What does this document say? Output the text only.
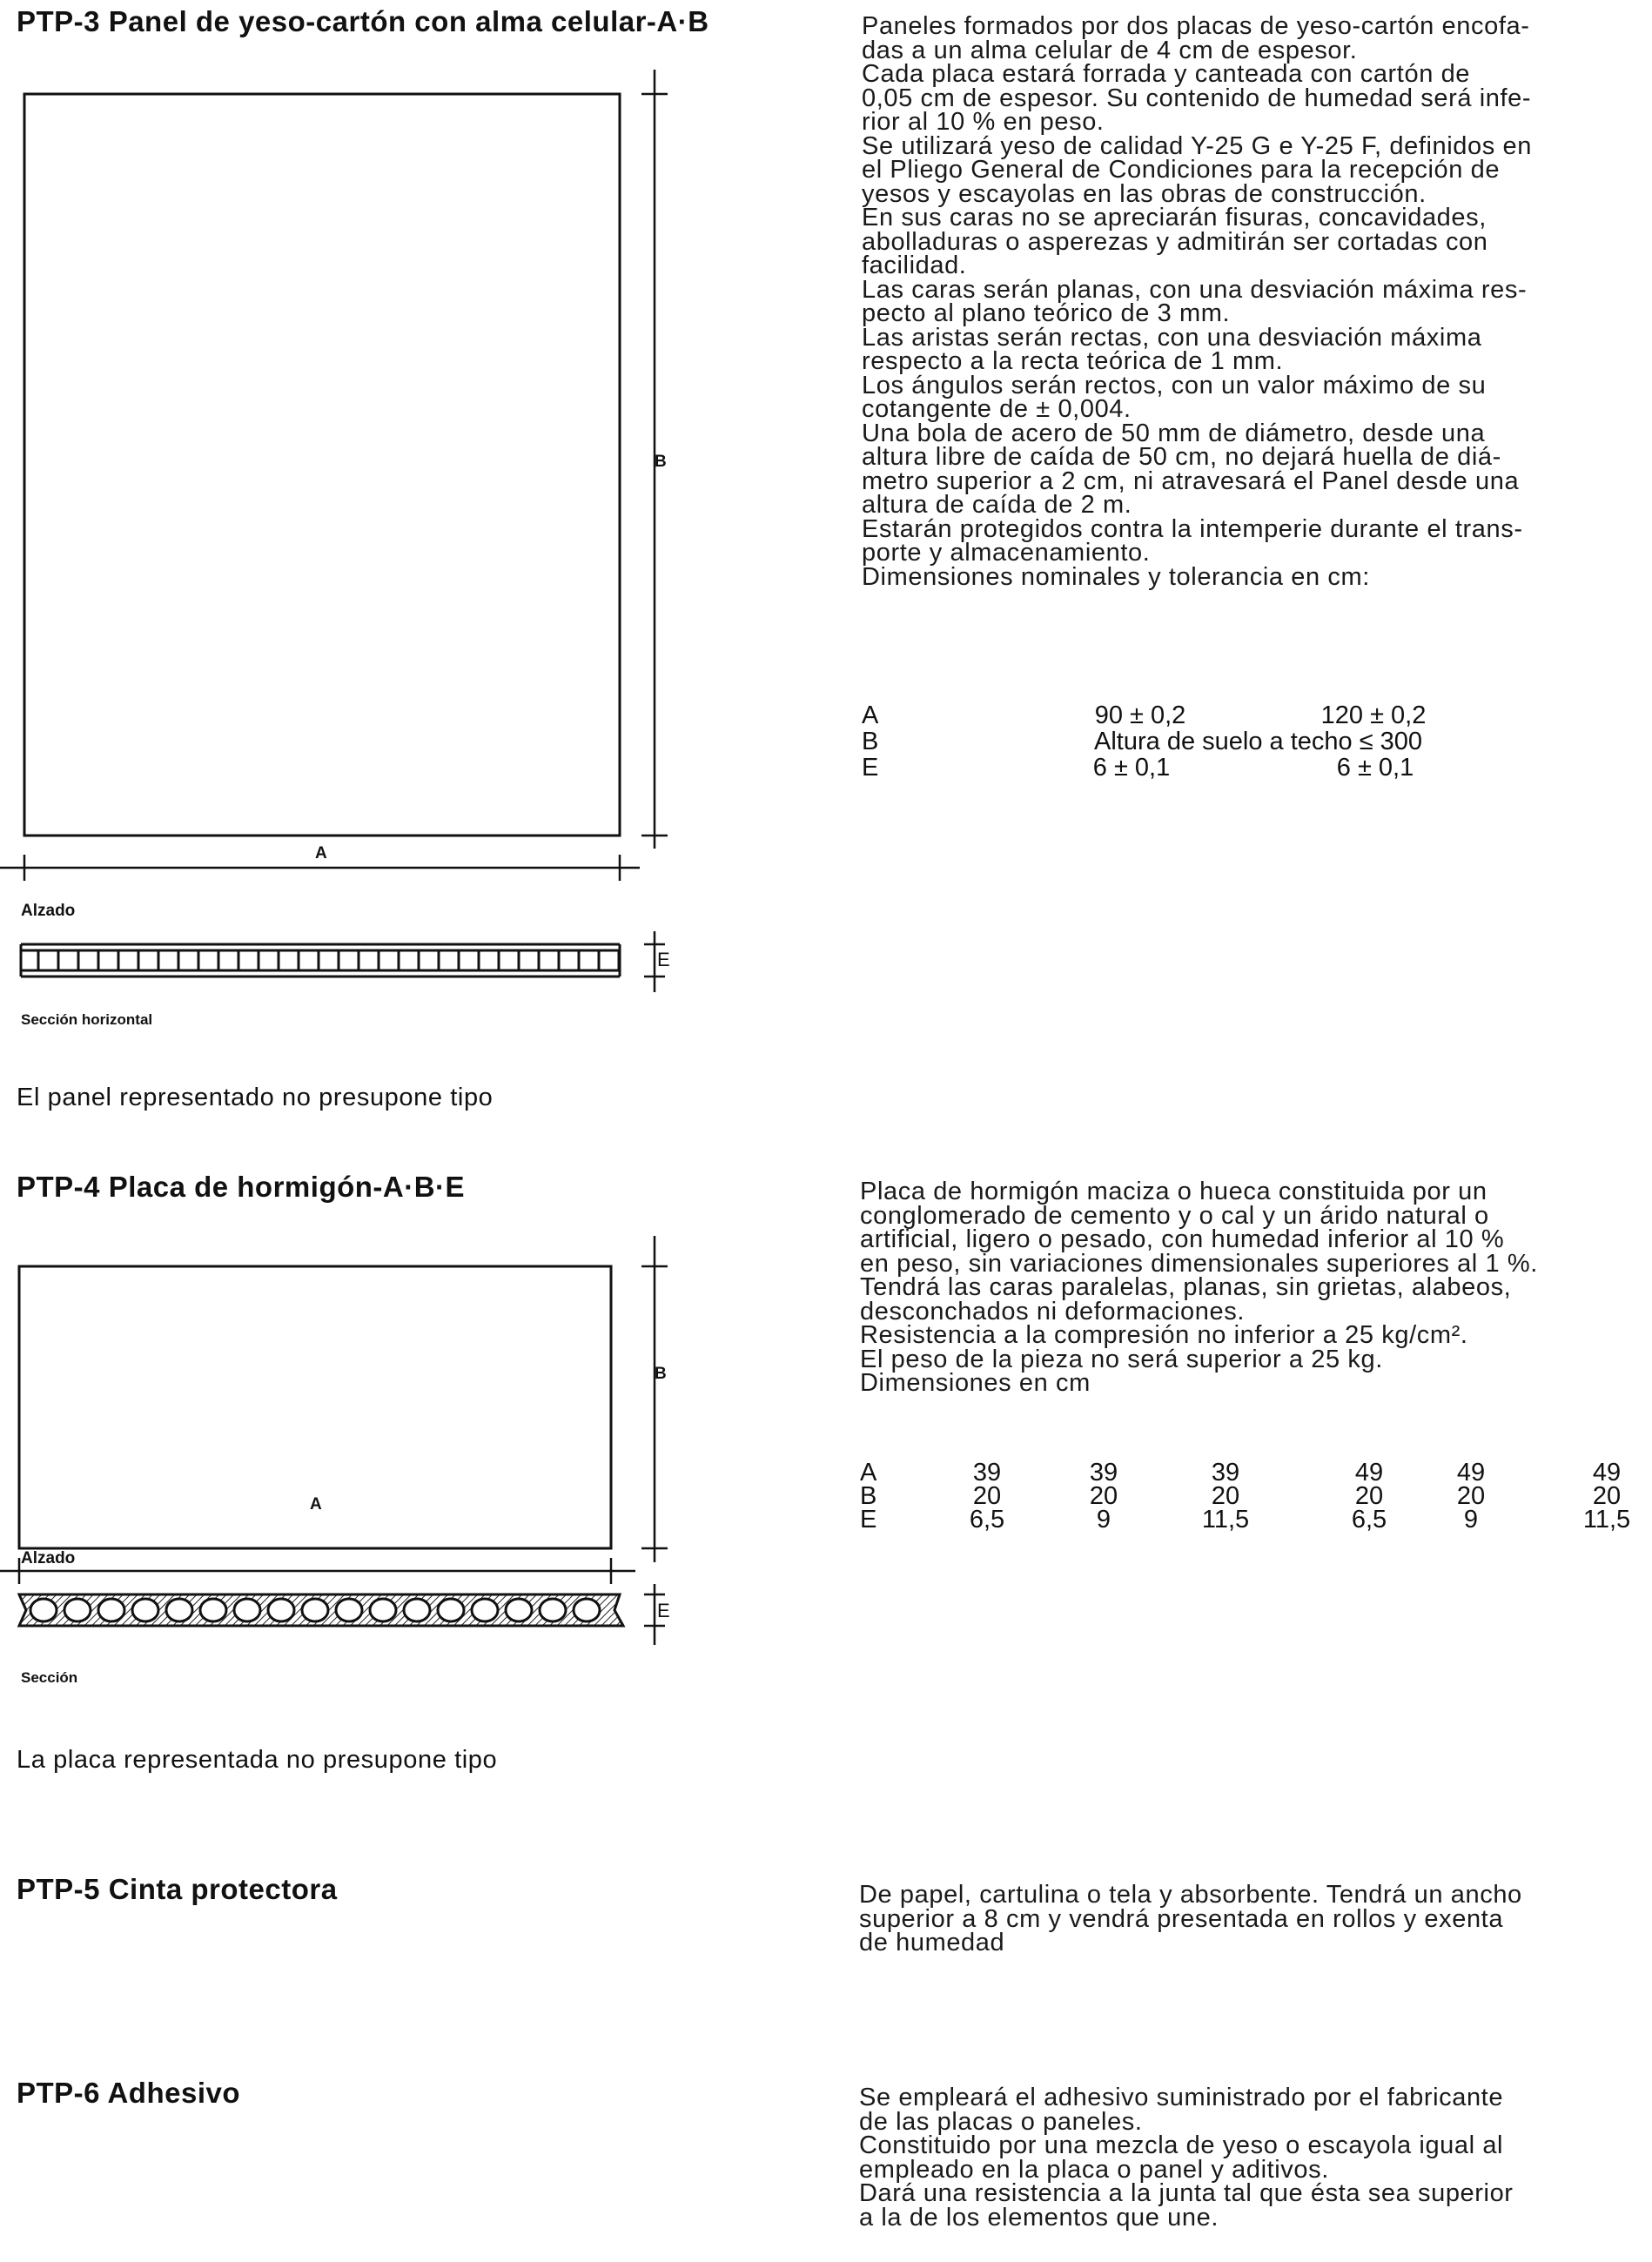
PTP-3 Panel de yeso-cartón con alma celular-A·B
B
A
Alzado
E
Sección horizontal
El panel representado no presupone tipo
Paneles formados por dos placas de yeso-cartón encofa-
das a un alma celular de 4 cm de espesor.
Cada placa estará forrada y canteada con cartón de
0,05 cm de espesor. Su contenido de humedad será infe-
rior al 10 % en peso.
Se utilizará yeso de calidad Y-25 G e Y-25 F, definidos en
el Pliego General de Condiciones para la recepción de
yesos y escayolas en las obras de construcción.
En sus caras no se apreciarán fisuras, concavidades,
abolladuras o asperezas y admitirán ser cortadas con
facilidad.
Las caras serán planas, con una desviación máxima res-
pecto al plano teórico de 3 mm.
Las aristas serán rectas, con una desviación máxima
respecto a la recta teórica de 1 mm.
Los ángulos serán rectos, con un valor máximo de su
cotangente de ± 0,004.
Una bola de acero de 50 mm de diámetro, desde una
altura libre de caída de 50 cm, no dejará huella de diá-
metro superior a 2 cm, ni atravesará el Panel desde una
altura de caída de 2 m.
Estarán protegidos contra la intemperie durante el trans-
porte y almacenamiento.
Dimensiones nominales y tolerancia en cm:
A	90 ± 0,2	120 ± 0,2
B	Altura de suelo a techo ≤ 300
E	6 ± 0,1	6 ± 0,1
PTP-4 Placa de hormigón-A·B·E
B
A
Alzado
E
Sección
La placa representada no presupone tipo
Placa de hormigón maciza o hueca constituida por un
conglomerado de cemento y o cal y un árido natural o
artificial, ligero o pesado, con humedad inferior al 10 %
en peso, sin variaciones dimensionales superiores al 1 %.
Tendrá las caras paralelas, planas, sin grietas, alabeos,
desconchados ni deformaciones.
Resistencia a la compresión no inferior a 25 kg/cm².
El peso de la pieza no será superior a 25 kg.
Dimensiones en cm
A	39	39	39	49	49	49
B	20	20	20	20	20	20
E	6,5	9	11,5	6,5	9	11,5
PTP-5 Cinta protectora	De papel, cartulina o tela y absorbente. Tendrá un ancho
superior a 8 cm y vendrá presentada en rollos y exenta
de humedad
PTP-6 Adhesivo	Se empleará el adhesivo suministrado por el fabricante
de las placas o paneles.
Constituido por una mezcla de yeso o escayola igual al
empleado en la placa o panel y aditivos.
Dará una resistencia a la junta tal que ésta sea superior
a la de los elementos que une.
